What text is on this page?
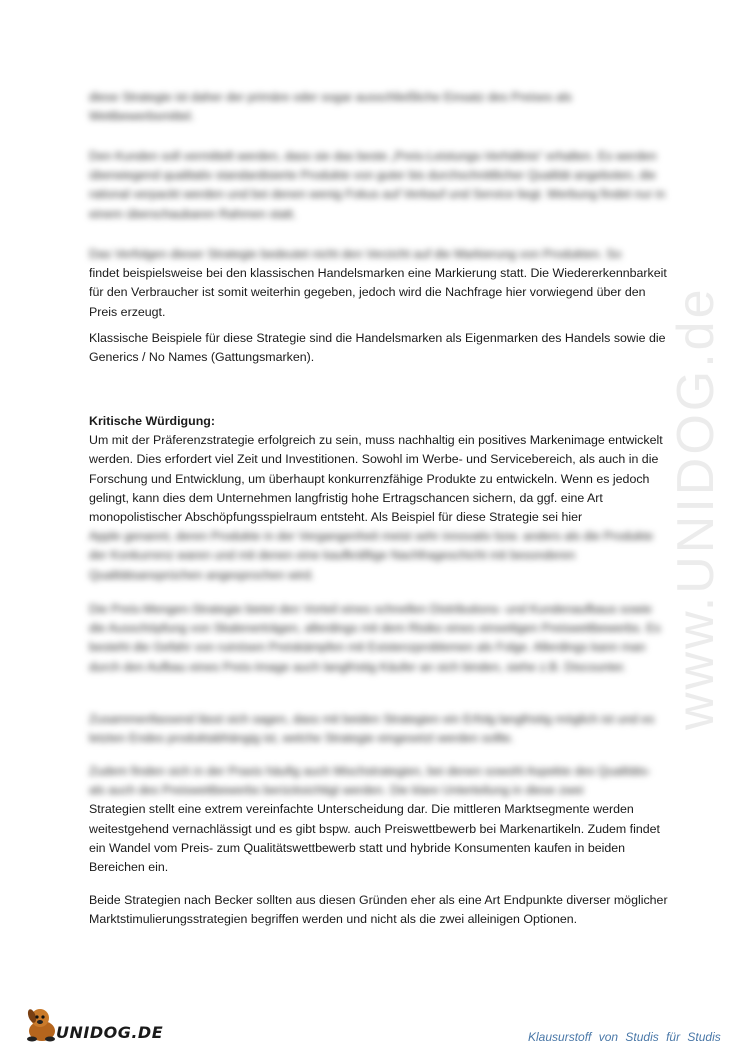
www.UNIDOG.de

diese Strategie ist daher der primäre oder sogar ausschließliche Einsatz des Preises als Wettbewerbsmittel.

Den Kunden soll vermittelt werden, dass sie das beste „Preis-Leistungs-Verhältnis“ erhalten. Es werden überwiegend qualitativ standardisierte Produkte von guter bis durchschnittlicher Qualität angeboten, die rational verpackt werden und bei denen wenig Fokus auf Verkauf und Service liegt. Werbung findet nur in einem überschaubaren Rahmen statt.

Das Verfolgen dieser Strategie bedeutet nicht den Verzicht auf die Markierung von Produkten. So
findet beispielsweise bei den klassischen Handelsmarken eine Markierung statt. Die Wiedererkennbarkeit für den Verbraucher ist somit weiterhin gegeben, jedoch wird die Nachfrage hier vorwiegend über den Preis erzeugt.

Klassische Beispiele für diese Strategie sind die Handelsmarken als Eigenmarken des Handels sowie die Generics / No Names (Gattungsmarken).

Kritische Würdigung:
Um mit der Präferenzstrategie erfolgreich zu sein, muss nachhaltig ein positives Markenimage entwickelt werden. Dies erfordert viel Zeit und Investitionen. Sowohl im Werbe- und Servicebereich, als auch in die Forschung und Entwicklung, um überhaupt konkurrenzfähige Produkte zu entwickeln. Wenn es jedoch gelingt, kann dies dem Unternehmen langfristig hohe Ertragschancen sichern, da ggf. eine Art monopolistischer Abschöpfungsspielraum entsteht. Als Beispiel für diese Strategie sei hier
Apple genannt, deren Produkte in der Vergangenheit meist sehr innovativ bzw. anders als die Produkte der Konkurrenz waren und mit denen eine kaufkräftige Nachfrageschicht mit besonderen Qualitätsansprüchen angesprochen wird.

Die Preis-Mengen-Strategie bietet den Vorteil eines schnellen Distributions- und Kundenaufbaus sowie die Ausschöpfung von Skalenerträgen, allerdings mit dem Risiko eines einseitigen Preiswettbewerbs. Es besteht die Gefahr von ruinösen Preiskämpfen mit Existenzproblemen als Folge. Allerdings kann man durch den Aufbau eines Preis-Image auch langfristig Käufer an sich binden, siehe z.B. Discounter.

Zusammenfassend lässt sich sagen, dass mit beiden Strategien ein Erfolg langfristig möglich ist und es letzten Endes produktabhängig ist, welche Strategie eingesetzt werden sollte.

Zudem finden sich in der Praxis häufig auch Mischstrategien, bei denen sowohl Aspekte des Qualitäts- als auch des Preiswettbewerbs berücksichtigt werden. Die klare Unterteilung in diese zwei
Strategien stellt eine extrem vereinfachte Unterscheidung dar. Die mittleren Marktsegmente werden weitestgehend vernachlässigt und es gibt bspw. auch Preiswettbewerb bei Markenartikeln. Zudem findet ein Wandel vom Preis- zum Qualitätswettbewerb statt und hybride Konsumenten kaufen in beiden Bereichen ein.

Beide Strategien nach Becker sollten aus diesen Gründen eher als eine Art Endpunkte diverser möglicher Marktstimulierungsstrategien begriffen werden und nicht als die zwei alleinigen Optionen.

UNIDOG.DE	Klausurstoff von Studis für Studis
